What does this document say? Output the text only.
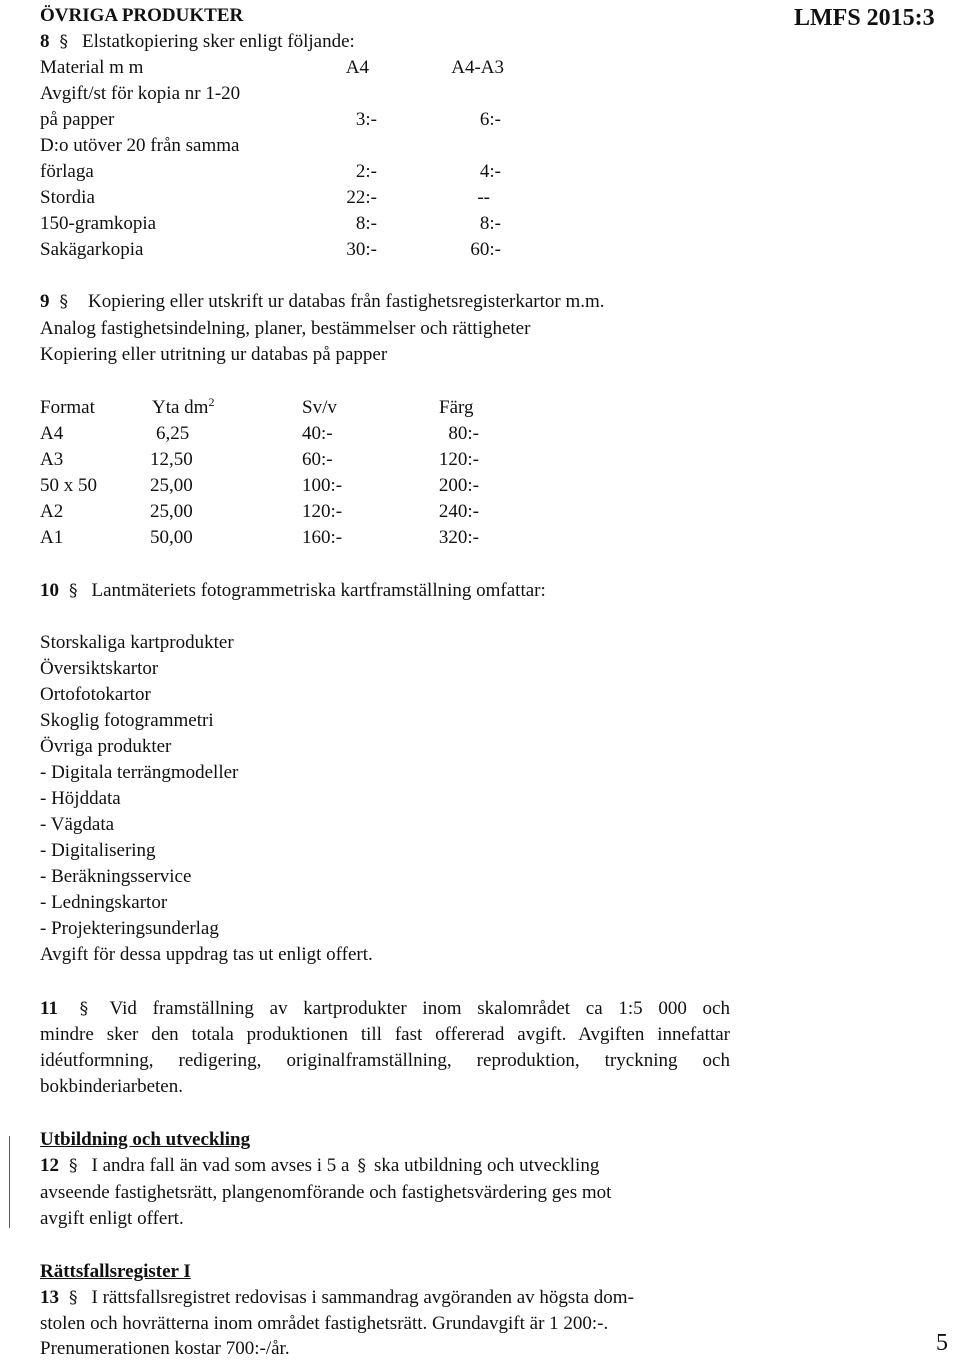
ÖVRIGA PRODUKTER	LMFS 2015:3
8 § Elstatkopiering sker enligt följande:
Material m m	A4	A4-A3
Avgift/st för kopia nr 1-20
på papper	3:-	6:-
D:o utöver 20 från samma
förlaga	2:-	4:-
Stordia	22:-	--
150-gramkopia	8:-	8:-
Sakägarkopia	30:-	60:-
9 § Kopiering eller utskrift ur databas från fastighetsregisterkartor m.m.
Analog fastighetsindelning, planer, bestämmelser och rättigheter
Kopiering eller utritning ur databas på papper
Format	Yta $dm^2$	Sv/v	Färg
A4	6,25	40:-	80:-
A3	12,50	60:-	120:-
50 x 50	25,00	100:-	200:-
A2	25,00	120:-	240:-
A1	50,00	160:-	320:-
10 § Lantmäteriets fotogrammetriska kartframställning omfattar:
Storskaliga kartprodukter
Översiktskartor
Ortofotokartor
Skoglig fotogrammetri
Övriga produkter
- Digitala terrängmodeller
- Höjddata
- Vägdata
- Digitalisering
- Beräkningsservice
- Ledningskartor
- Projekteringsunderlag
Avgift för dessa uppdrag tas ut enligt offert.
11 § Vid framställning av kartprodukter inom skalområdet ca 1:5 000 och
mindre sker den totala produktionen till fast offererad avgift. Avgiften innefattar
idéutformning, redigering, originalframställning, reproduktion, tryckning och
bokbinderiarbeten.
Utbildning och utveckling
12 § I andra fall än vad som avses i 5 a § ska utbildning och utveckling
avseende fastighetsrätt, plangenomförande och fastighetsvärdering ges mot
avgift enligt offert.
Rättsfallsregister I
13 § I rättsfallsregistret redovisas i sammandrag avgöranden av högsta dom-
stolen och hovrätterna inom området fastighetsrätt. Grundavgift är 1 200:-.
Prenumerationen kostar 700:-/år.	5
